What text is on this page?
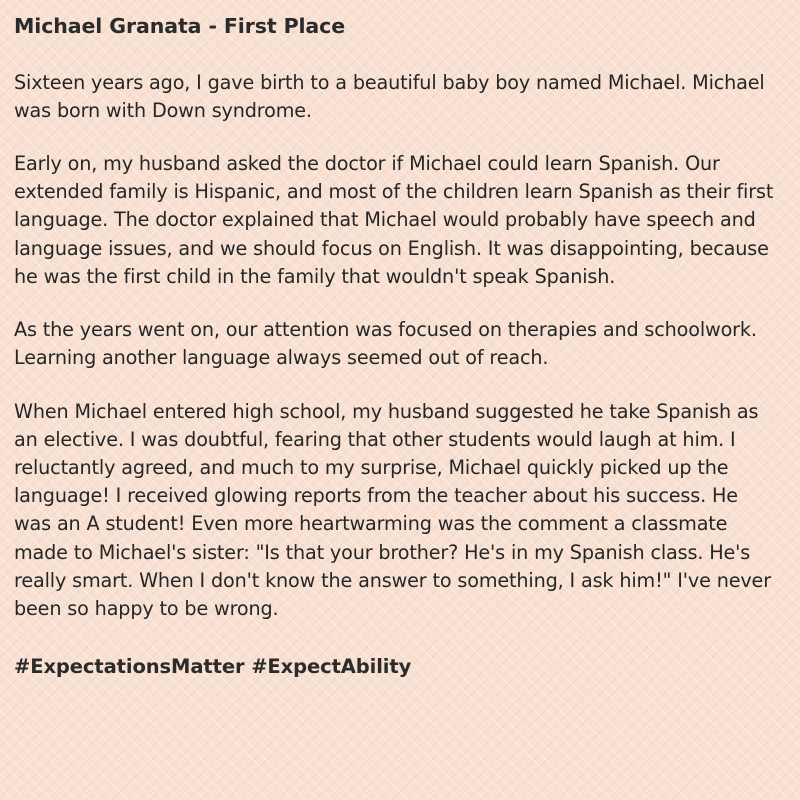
Michael Granata - First Place

Sixteen years ago, I gave birth to a beautiful baby boy named Michael. Michael was born with Down syndrome.

Early on, my husband asked the doctor if Michael could learn Spanish. Our extended family is Hispanic, and most of the children learn Spanish as their first language. The doctor explained that Michael would probably have speech and language issues, and we should focus on English. It was disappointing, because he was the first child in the family that wouldn't speak Spanish.

As the years went on, our attention was focused on therapies and schoolwork. Learning another language always seemed out of reach.

When Michael entered high school, my husband suggested he take Spanish as an elective. I was doubtful, fearing that other students would laugh at him. I reluctantly agreed, and much to my surprise, Michael quickly picked up the language! I received glowing reports from the teacher about his success. He was an A student! Even more heartwarming was the comment a classmate made to Michael's sister: "Is that your brother? He's in my Spanish class. He's really smart. When I don't know the answer to something, I ask him!" I've never been so happy to be wrong.

#ExpectationsMatter #ExpectAbility
